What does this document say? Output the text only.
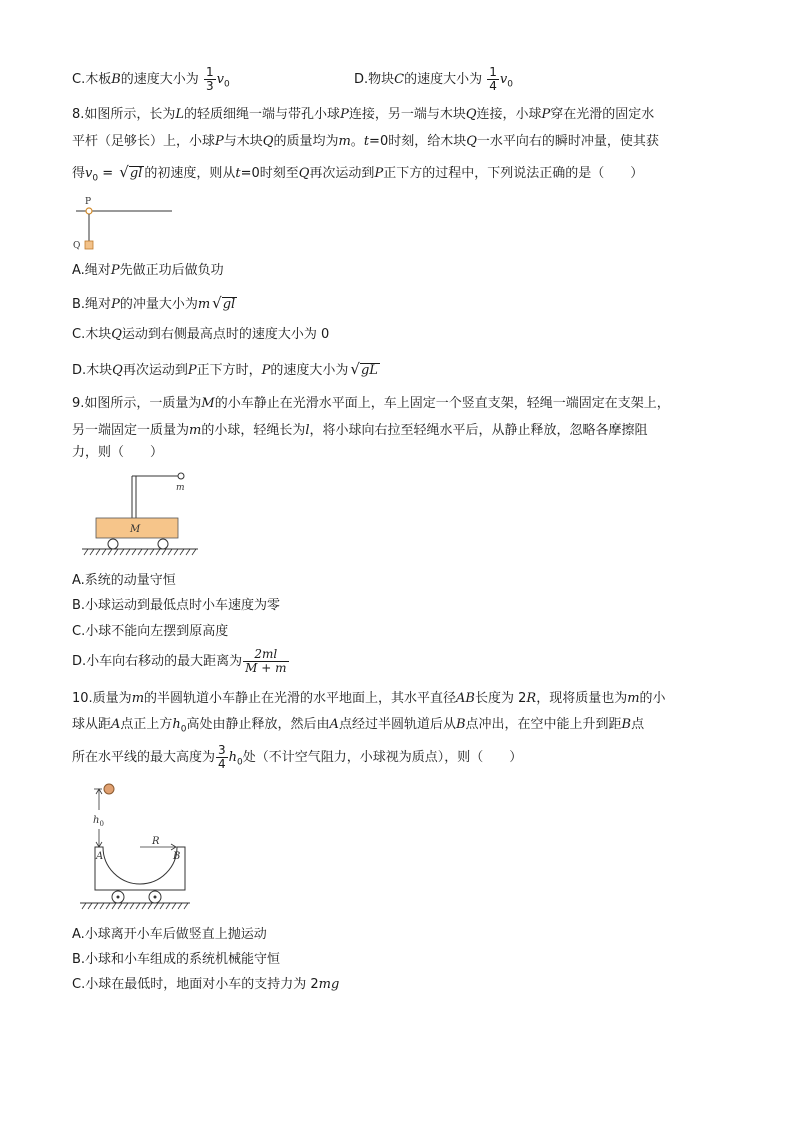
C.木板B的速度大小为 $\frac{1}{3} v_0$	D.物块C的速度大小为 $\frac{1}{4} v_0$
8.如图所示，长为L的轻质细绳一端与带孔小球P连接，另一端与木块Q连接，小球P穿在光滑的固定水
平杆（足够长）上，小球P与木块Q的质量均为m。t=0时刻，给木块Q一水平向右的瞬时冲量，使其获
得$v_0 = √gl$ 的初速度，则从t=0时刻至Q再次运动到P正下方的过程中，下列说法正确的是（　　）
P
Q
A.绳对P先做正功后做负功
B.绳对P的冲量大小为m √gl
C.木块Q运动到右侧最高点时的速度大小为 0
D.木块Q再次运动到P正下方时，P的速度大小为 √gL
9.如图所示，一质量为M的小车静止在光滑水平面上，车上固定一个竖直支架，轻绳一端固定在支架上，
另一端固定一质量为m的小球，轻绳长为l，将小球向右拉至轻绳水平后，从静止释放，忽略各摩擦阻
力，则（　　）
m
M
A.系统的动量守恒
B.小球运动到最低点时小车速度为零
C.小球不能向左摆到原高度
D.小车向右移动的最大距离为 $\frac{2ml}{M + m}$
10.质量为m的半圆轨道小车静止在光滑的水平地面上，其水平直径AB长度为 2R，现将质量也为m的小
球从距A点正上方$h_0$高处由静止释放，然后由A点经过半圆轨道后从B点冲出，在空中能上升到距B点
所在水平线的最大高度为 $\frac{3}{4} h_0$处（不计空气阻力，小球视为质点），则（　　）
$h_0$
A	B
R
A.小球离开小车后做竖直上抛运动
B.小球和小车组成的系统机械能守恒
C.小球在最低时，地面对小车的支持力为 2mg
